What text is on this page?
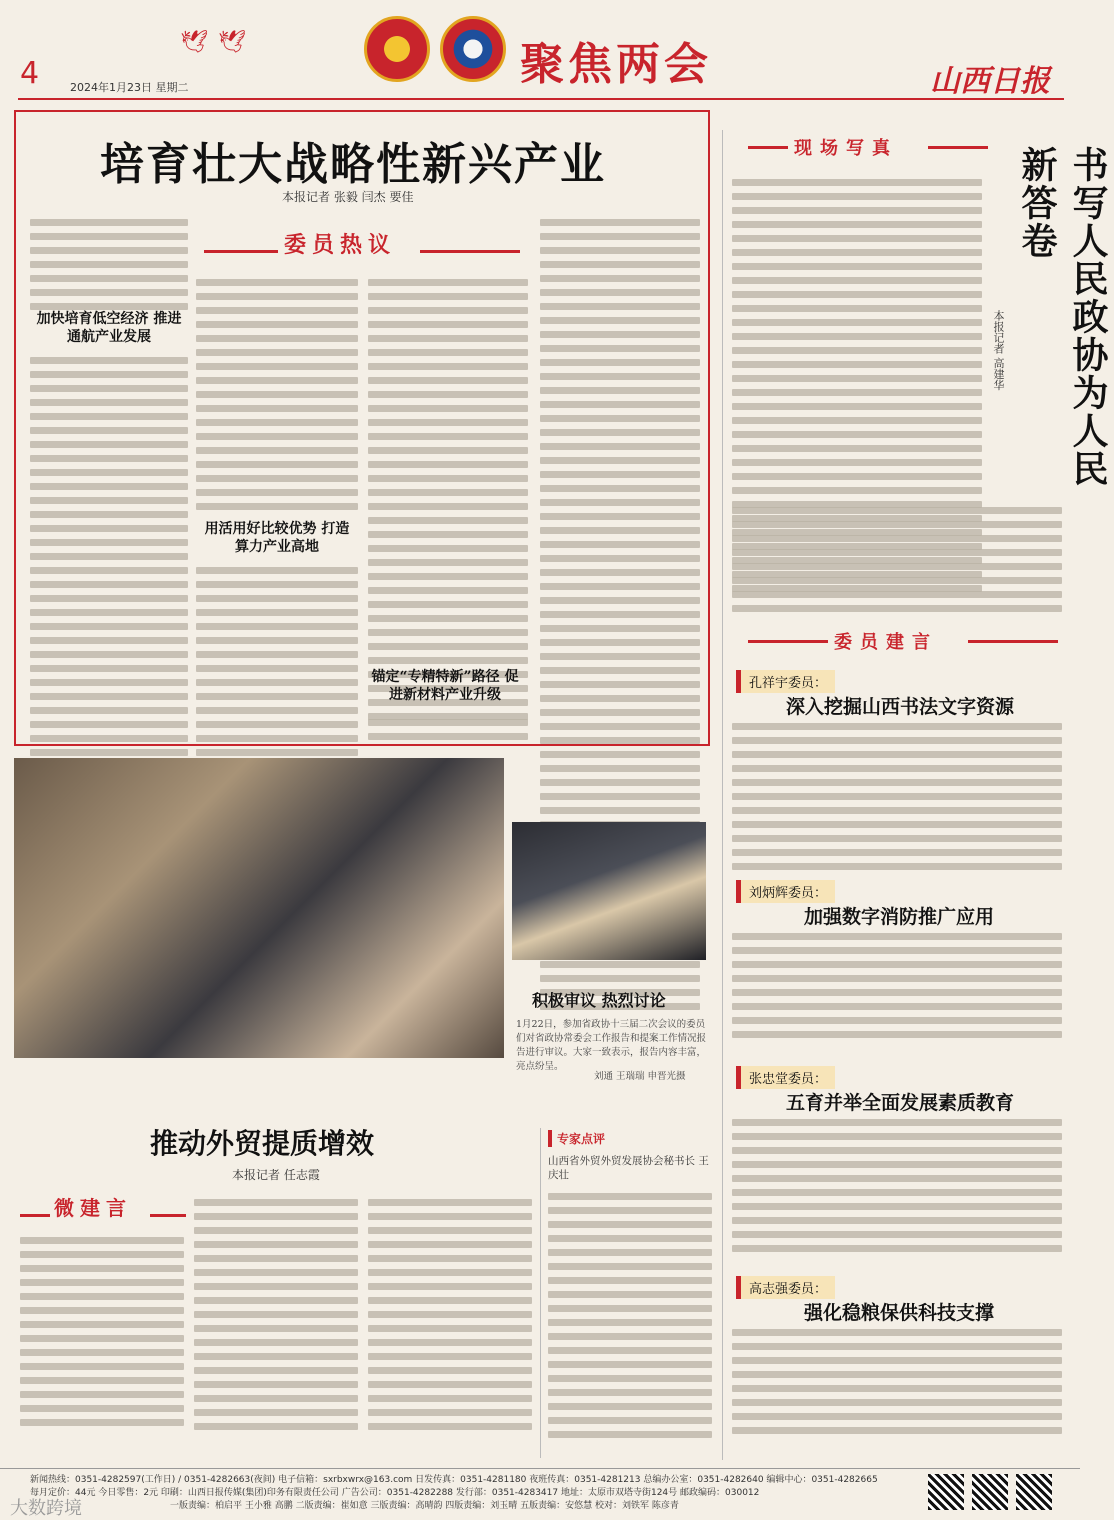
🕊🕊
4	2024年1月23日 星期二	聚焦两会	山西日报
培育壮大战略性新兴产业
本报记者 张毅 闫杰 要佳
加快培育低空经济 推进通航产业发展
委员热议
用活用好比较优势 打造算力产业高地
锚定“专精特新”路径 促进新材料产业升级
现场写真	书写人民政协为人民新答卷
本报记者 高建华
委员建言
孔祥宇委员：
深入挖掘山西书法文字资源
刘炳辉委员：
加强数字消防推广应用
张忠堂委员：
五育并举全面发展素质教育
高志强委员：
强化稳粮保供科技支撑
积极审议 热烈讨论
1月22日，参加省政协十三届二次会议的委员们对省政协常委会工作报告和提案工作情况报告进行审议。大家一致表示，报告内容丰富，亮点纷呈。
刘通 王瑞瑞 申晋光摄
推动外贸提质增效
本报记者 任志霞
微建言
专家点评
山西省外贸外贸发展协会秘书长 王庆壮
新闻热线：0351-4282597(工作日) / 0351-4282663(夜间) 电子信箱：sxrbxwrx@163.com 日发传真：0351-4281180 夜班传真：0351-4281213 总编办公室：0351-4282640 编辑中心：0351-4282665
每月定价：44元 今日零售：2元 印刷：山西日报传媒(集团)印务有限责任公司 广告公司：0351-4282288 发行部：0351-4283417 地址：太原市双塔寺街124号 邮政编码：030012
一版责编：柏启平 王小雅 高鹏 二版责编：崔如意 三版责编：高晴韵 四版责编：刘玉晴 五版责编：安悠慧 校对：刘铁军 陈彦青
大数跨境
